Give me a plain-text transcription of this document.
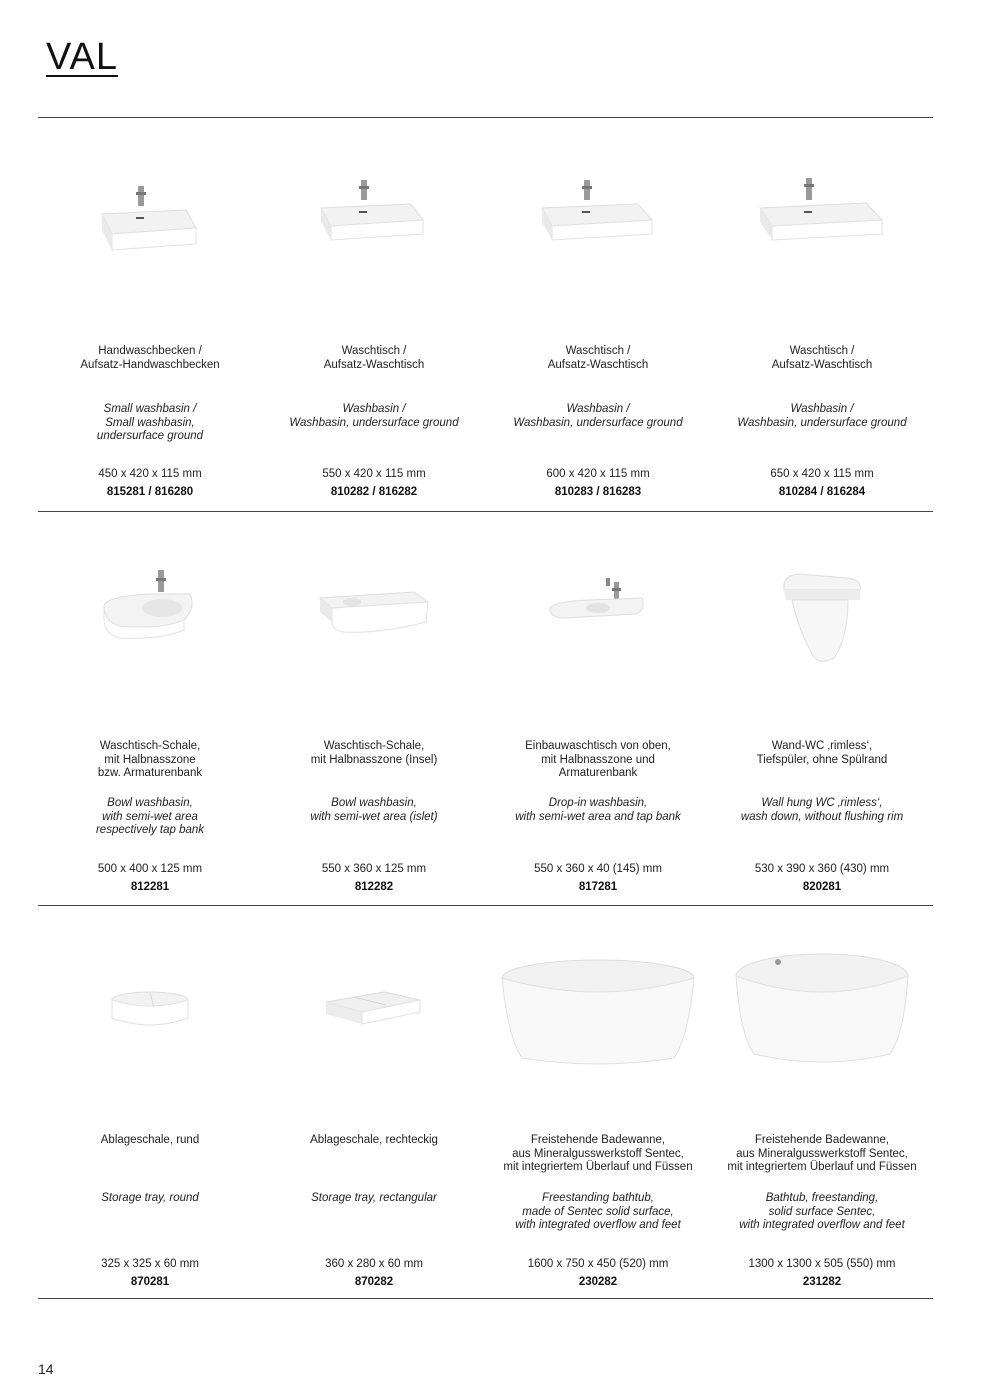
VAL
Handwaschbecken /
Aufsatz-Handwaschbecken
Small washbasin /
Small washbasin,
undersurface ground
450 x 420 x 115 mm
815281 / 816280
Waschtisch /
Aufsatz-Waschtisch
Washbasin /
Washbasin, undersurface ground
550 x 420 x 115 mm
810282 / 816282
Waschtisch /
Aufsatz-Waschtisch
Washbasin /
Washbasin, undersurface ground
600 x 420 x 115 mm
810283 / 816283
Waschtisch /
Aufsatz-Waschtisch
Washbasin /
Washbasin, undersurface ground
650 x 420 x 115 mm
810284 / 816284
Waschtisch-Schale,
mit Halbnasszone
bzw. Armaturenbank
Bowl washbasin,
with semi-wet area
respectively tap bank
500 x 400 x 125 mm
812281
Waschtisch-Schale,
mit Halbnasszone (Insel)
Bowl washbasin,
with semi-wet area (islet)
550 x 360 x 125 mm
812282
Einbauwaschtisch von oben,
mit Halbnasszone und
Armaturenbank
Drop-in washbasin,
with semi-wet area and tap bank
550 x 360 x 40 (145) mm
817281
Wand-WC ‚rimless‘,
Tiefspüler, ohne Spülrand
Wall hung WC ‚rimless‘,
wash down, without flushing rim
530 x 390 x 360 (430) mm
820281
Ablageschale, rund
Storage tray, round
325 x 325 x 60 mm
870281
Ablageschale, rechteckig
Storage tray, rectangular
360 x 280 x 60 mm
870282
Freistehende Badewanne,
aus Mineralgusswerkstoff Sentec,
mit integriertem Überlauf und Füssen
Freestanding bathtub,
made of Sentec solid surface,
with integrated overflow and feet
1600 x 750 x 450 (520) mm
230282
Freistehende Badewanne,
aus Mineralgusswerkstoff Sentec,
mit integriertem Überlauf und Füssen
Bathtub, freestanding,
solid surface Sentec,
with integrated overflow and feet
1300 x 1300 x 505 (550) mm
231282
14
